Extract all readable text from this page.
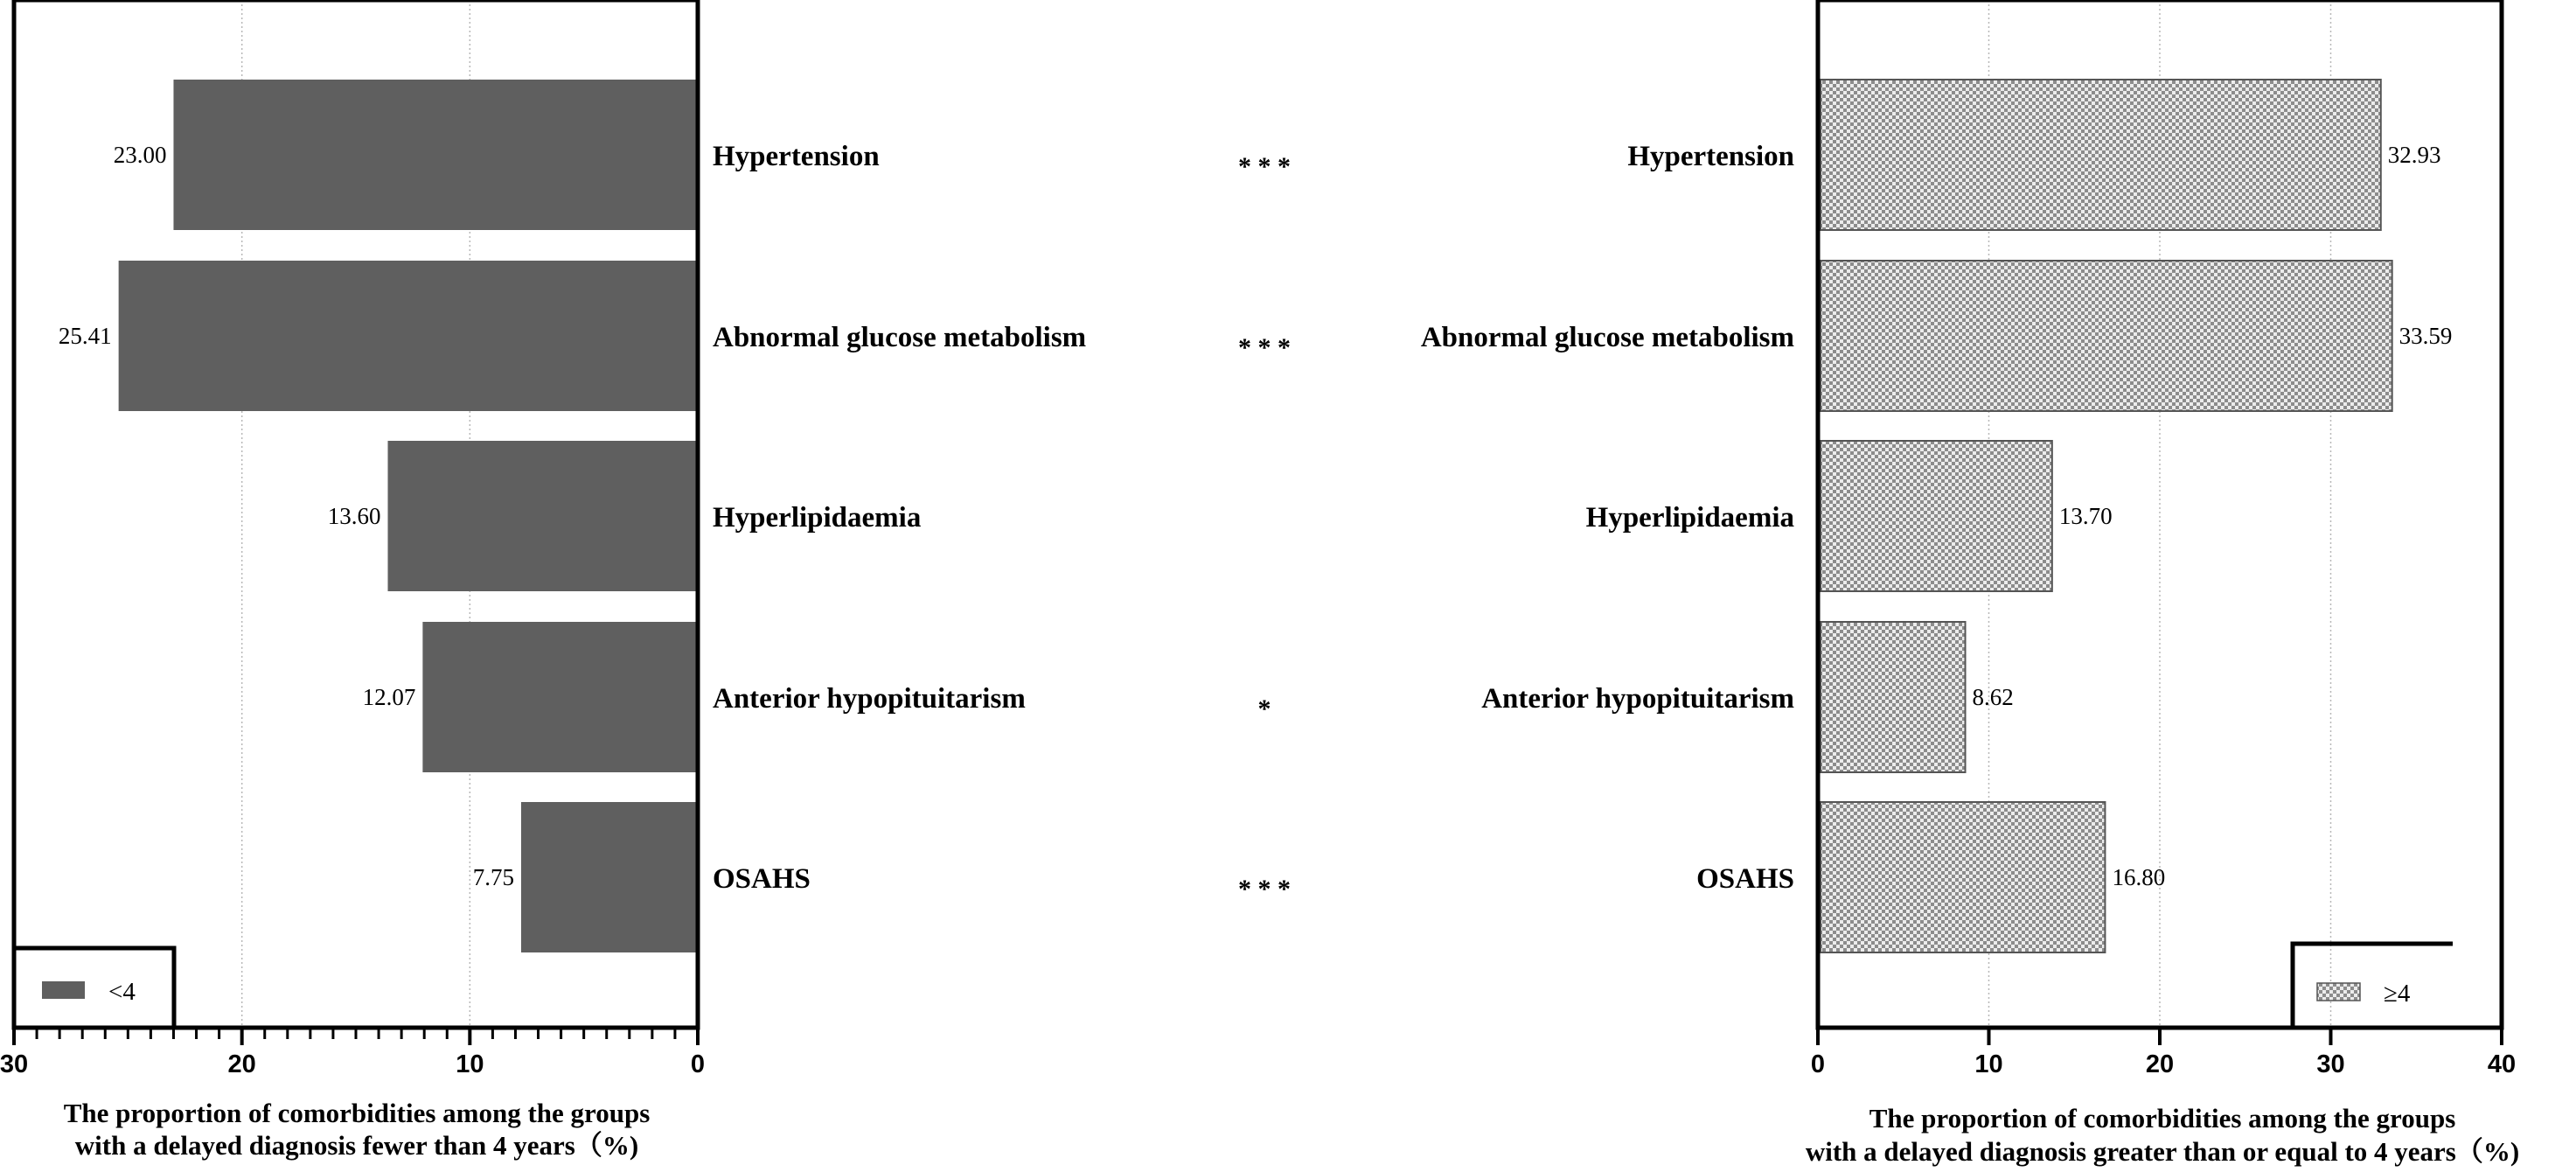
23.00
25.41
13.60
12.07
7.75
30	20	10	0
<4
The proportion of comorbidities among the groups
with a delayed diagnosis fewer than 4 years（%)
Hypertension
Abnormal glucose metabolism
Hyperlipidaemia
Anterior hypopituitarism
OSAHS
* * *
* * *
*
* * *
Hypertension
Abnormal glucose metabolism
Hyperlipidaemia
Anterior hypopituitarism
OSAHS
32.93
33.59
13.70
8.62
16.80
0	10	20	30	40
≥4
The proportion of comorbidities among the groups
with a delayed diagnosis greater than or equal to 4 years（%)
